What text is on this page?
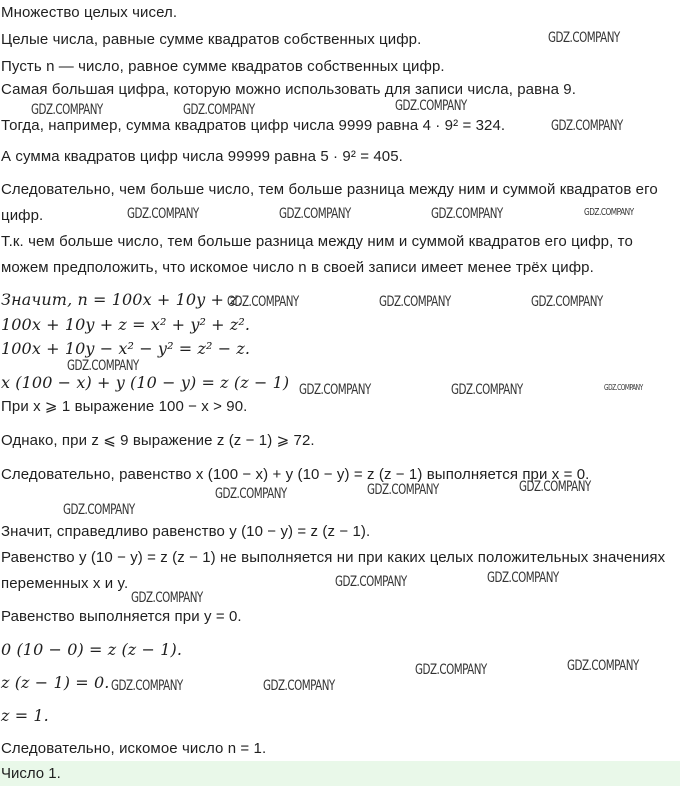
Множество целых чисел.
Целые числа, равные сумме квадратов собственных цифр.
Пусть n — число, равное сумме квадратов собственных цифр.
Самая большая цифра, которую можно использовать для записи числа, равна 9.
Тогда, например, сумма квадратов цифр числа 9999 равна 4 · 9² = 324.
А сумма квадратов цифр числа 99999 равна 5 · 9² = 405.
Следовательно, чем больше число, тем больше разница между ним и суммой квадратов его цифр.
Т.к. чем больше число, тем больше разница между ним и суммой квадратов его цифр, то можем предположить, что искомое число n в своей записи имеет менее трёх цифр.
Значит, n = 100x + 10y + z.
100x + 10y + z = x² + y² + z².
100x + 10y − x² − y² = z² − z.
x (100 − x) + y (10 − y) = z (z − 1)
При x ⩾ 1 выражение 100 − x > 90.
Однако, при z ⩽ 9 выражение z (z − 1) ⩾ 72.
Следовательно, равенство x (100 − x) + y (10 − y) = z (z − 1) выполняется при x = 0.
Значит, справедливо равенство y (10 − y) = z (z − 1).
Равенство y (10 − y) = z (z − 1) не выполняется ни при каких целых положительных значениях переменных x и y.
Равенство выполняется при y = 0.
0 (10 − 0) = z (z − 1).
z (z − 1) = 0.
z = 1.
Следовательно, искомое число n = 1.
Число 1.
GDZ.COMPANY
GDZ.COMPANY	GDZ.COMPANY	GDZ.COMPANY
GDZ.COMPANY
GDZ.COMPANY	GDZ.COMPANY	GDZ.COMPANY	GDZ.COMPANY
GDZ.COMPANY	GDZ.COMPANY	GDZ.COMPANY
GDZ.COMPANY
GDZ.COMPANY	GDZ.COMPANY	GDZ.COMPANY
GDZ.COMPANY	GDZ.COMPANY
GDZ.COMPANY
GDZ.COMPANY
GDZ.COMPANY	GDZ.COMPANY
GDZ.COMPANY
GDZ.COMPANY	GDZ.COMPANY
GDZ.COMPANY	GDZ.COMPANY
